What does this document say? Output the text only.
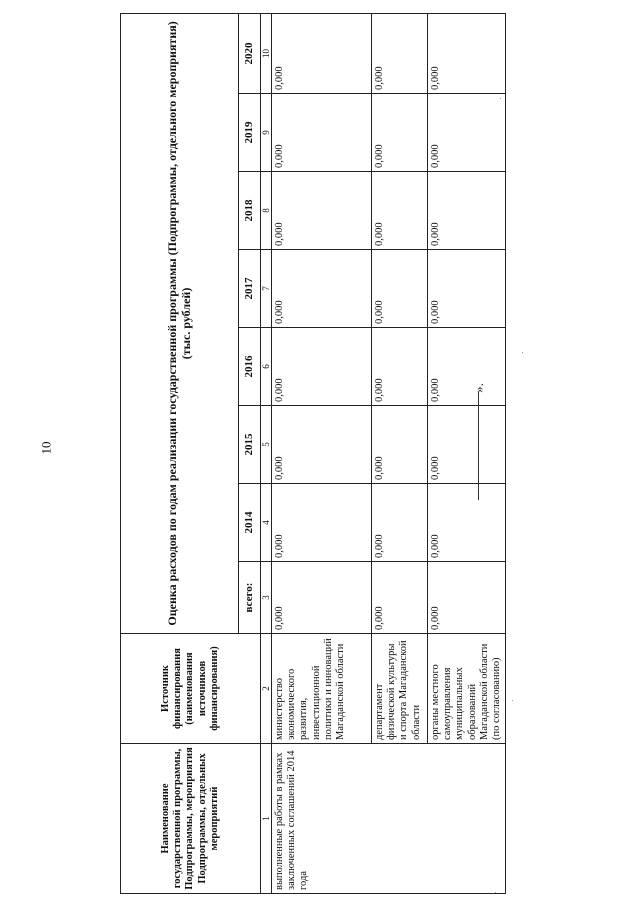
10
Наименование государственной программы, Подпрограммы, мероприятия Подпрограммы, отдельных мероприятий	Источник финансирования (наименования источников финансирования)	Оценка расходов по годам реализации государственной программы (Подпрограммы, отдельного мероприятия) (тыс. рублей)							
		всего:	2014	2015	2016	2017	2018	2019	2020
1	2	3	4	5	6	7	8	9	10
выполненные работы в рамках заключенных соглашений 2014 года	министерство экономического развития, инвестиционной политики и инноваций Магаданской области	0,000	0,000	0,000	0,000	0,000	0,000	0,000	0,000
	департамент физической культуры и спорта Магаданской области	0,000	0,000	0,000	0,000	0,000	0,000	0,000	0,000
	органы местного самоуправления муниципальных образований Магаданской области (по согласованию)	0,000	0,000	0,000	0,000	0,000	0,000	0,000	0,000
».
